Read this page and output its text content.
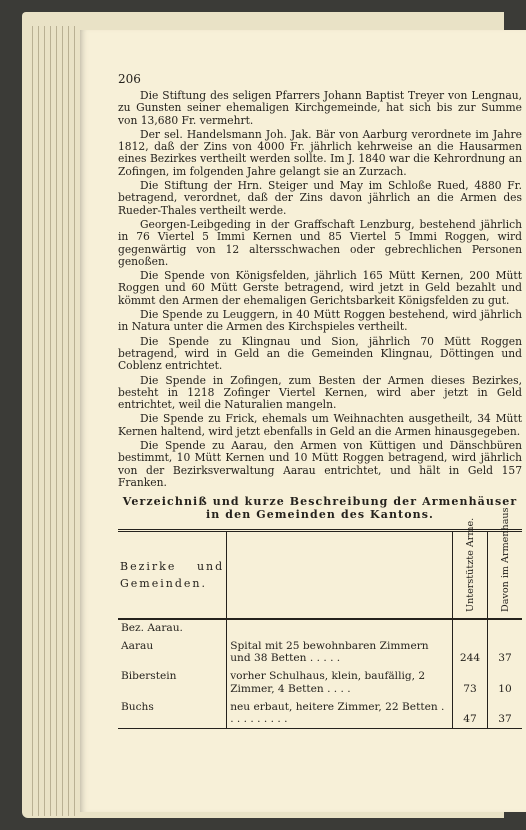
206

Die Stiftung des seligen Pfarrers Johann Baptist Treyer von Lengnau, zu Gunsten seiner ehemaligen Kirchgemeinde, hat sich bis zur Summe von 13,680 Fr. vermehrt.

Der sel. Handelsmann Joh. Jak. Bär von Aarburg verordnete im Jahre 1812, daß der Zins von 4000 Fr. jährlich kehrweise an die Hausarmen eines Bezirkes vertheilt werden sollte. Im J. 1840 war die Kehrordnung an Zofingen, im folgenden Jahre gelangt sie an Zurzach.

Die Stiftung der Hrn. Steiger und May im Schloße Rued, 4880 Fr. betragend, verordnet, daß der Zins davon jährlich an die Armen des Rueder-Thales vertheilt werde.

Georgen-Leibgeding in der Graffschaft Lenzburg, bestehend jährlich in 76 Viertel 5 Immi Kernen und 85 Viertel 5 Immi Roggen, wird gegenwärtig von 12 altersschwachen oder gebrechlichen Personen genoßen.

Die Spende von Königsfelden, jährlich 165 Mütt Kernen, 200 Mütt Roggen und 60 Mütt Gerste betragend, wird jetzt in Geld bezahlt und kömmt den Armen der ehemaligen Gerichtsbarkeit Königsfelden zu gut.

Die Spende zu Leuggern, in 40 Mütt Roggen bestehend, wird jährlich in Natura unter die Armen des Kirchspieles vertheilt.

Die Spende zu Klingnau und Sion, jährlich 70 Mütt Roggen betragend, wird in Geld an die Gemeinden Klingnau, Döttingen und Coblenz entrichtet.

Die Spende in Zofingen, zum Besten der Armen dieses Bezirkes, besteht in 1218 Zofinger Viertel Kernen, wird aber jetzt in Geld entrichtet, weil die Naturalien mangeln.

Die Spende zu Frick, ehemals um Weihnachten ausgetheilt, 34 Mütt Kernen haltend, wird jetzt ebenfalls in Geld an die Armen hinausgegeben.

Die Spende zu Aarau, den Armen von Küttigen und Dänschbüren bestimmt, 10 Mütt Kernen und 10 Mütt Roggen betragend, wird jährlich von der Bezirksverwaltung Aarau entrichtet, und hält in Geld 157 Franken.

Verzeichniß und kurze Beschreibung der Armenhäuser in den Gemeinden des Kantons.
Bezirke und Gemeinden.		Unterstützte Arme.	Davon im Armenhaus
Bez. Aarau.			
Aarau	Spital mit 25 bewohnbaren Zimmern und 38 Betten . . . . .	244	37
Biberstein	vorher Schulhaus, klein, baufällig, 2 Zimmer, 4 Betten . . . .	73	10
Buchs	neu erbaut, heitere Zimmer, 22 Betten . . . . . . . . . .	47	37
